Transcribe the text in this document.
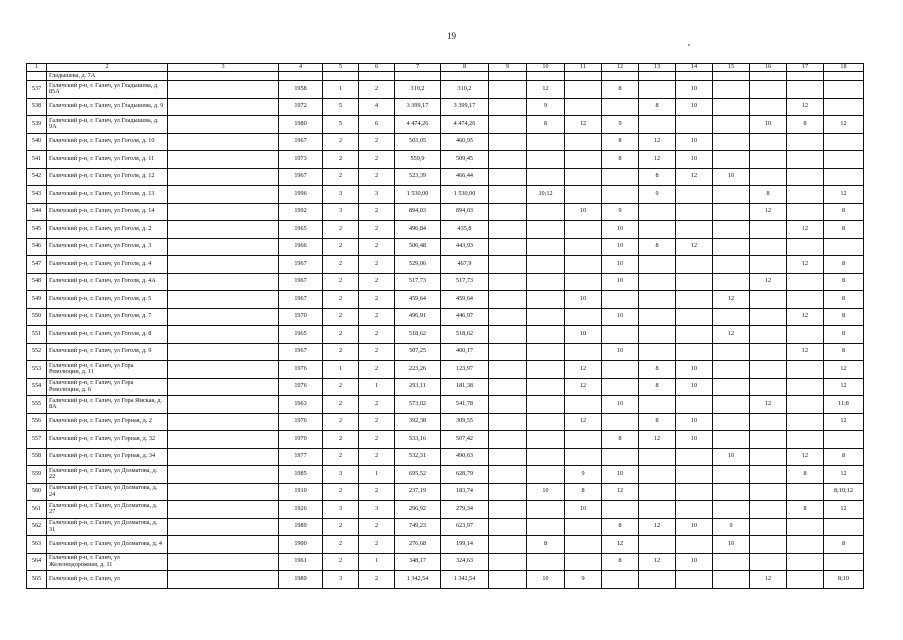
19
1	2	3	4	5	6	7	8	9	10	11	12	13	14	15	16	17	18
	Гладышева, д. 7А																
537	Галичский р-н, г. Галич, ул Гладышева, д. 85А		1958	1	2	310,2	310,2		12		8		10				
538	Галичский р-н, г. Галич, ул Гладышева, д. 9		1972	5	4	3 399,17	3 399,17		9			8	10			12	
539	Галичский р-н, г. Галич, ул Гладышева, д. 9А		1980	5	6	4 474,26	4 474,26		8	12	9				10	8	12
540	Галичский р-н, г. Галич, ул Гоголя, д. 10		1967	2	2	503,05	460,95				8	12	10				
541	Галичский р-н, г. Галич, ул Гоголя, д. 11		1973	2	2	559,9	509,45				8	12	10				
542	Галичский р-н, г. Галич, ул Гоголя, д. 12		1967	2	2	523,39	466,44					8	12	10			
543	Галичский р-н, г. Галич, ул Гоголя, д. 13		1996	3	3	1 530,00	1 530,00		10;12			9			8		12
544	Галичский р-н, г. Галич, ул Гоголя, д. 14		1992	3	2	894,03	894,03			10	9				12		8
545	Галичский р-н, г. Галич, ул Гоголя, д. 2		1965	2	2	496,84	435,8				10					12	8
546	Галичский р-н, г. Галич, ул Гоголя, д. 3		1966	2	2	506,48	443,93				10	8	12				
547	Галичский р-н, г. Галич, ул Гоголя, д. 4		1967	2	2	529,06	467,9				10					12	8
548	Галичский р-н, г. Галич, ул Гоголя, д. 4А		1967	2	2	517,73	517,73				10				12		8
549	Галичский р-н, г. Галич, ул Гоголя, д. 5		1967	2	2	459,64	459,64			10				12			8
550	Галичский р-н, г. Галич, ул Гоголя, д. 7		1970	2	2	496,91	446,97				10					12	8
551	Галичский р-н, г. Галич, ул Гоголя, д. 8		1965	2	2	518,62	518,62			10				12			8
552	Галичский р-н, г. Галич, ул Гоголя, д. 9		1967	2	2	507,25	460,17				10					12	8
553	Галичский р-н, г. Галич, ул Гора Революции, д. 11		1976	1	2	223,26	123,97			12		8	10				12
554	Галичский р-н, г. Галич, ул Гора Революции, д. 6		1976	2	1	293,11	181,38			12		8	10				12
555	Галичский р-н, г. Галич, ул Гора Ямская, д. 8А		1963	2	2	573,02	541,78				10				12		11;8
556	Галичский р-н, г. Галич, ул Горная, д. 2		1976	2	2	392,38	309,55			12		8	10				12
557	Галичский р-н, г. Галич, ул Горная, д. 32		1970	2	2	533,16	507,42				8	12	10				
558	Галичский р-н, г. Галич, ул Горная, д. 34		1977	2	2	532,31	490,63							10		12	8
559	Галичский р-н, г. Галич, ул Долматова, д. 22		1985	3	1	695,52	628,79			9	10					8	12
560	Галичский р-н, г. Галич, ул Долматова, д. 24		1910	2	2	237,19	183,74		10	8	12						8;10;12
561	Галичский р-н, г. Галич, ул Долматова, д. 27		1926	3	3	296,92	279,34			10						8	12
562	Галичский р-н, г. Галич, ул Долматова, д. 31		1989	2	2	749,23	623,97				8	12	10	9			
563	Галичский р-н, г. Галич, ул Долматова, д. 4		1900	2	2	276,68	199,14		8		12			10			8
564	Галичский р-н, г. Галич, ул Железнодорожная, д. 11		1961	2	1	348,17	324,63				8	12	10				
565	Галичский р-н, г. Галич, ул		1989	3	2	1 342,54	1 342,54		10	9					12		8;10
